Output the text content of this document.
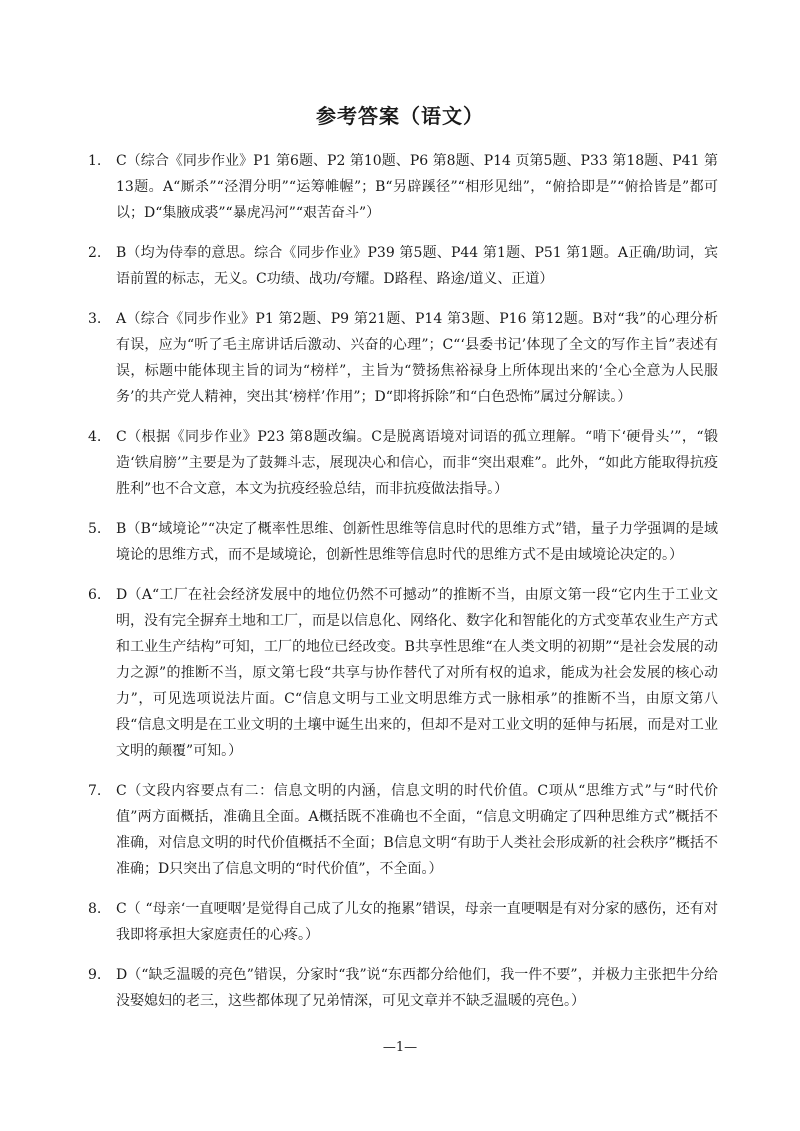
参考答案（语文）
1.	C（综合《同步作业》P1 第6题、P2 第10题、P6 第8题、P14 页第5题、P33 第18题、P41 第13题。A“厮杀”“泾渭分明”“运筹帷幄”；B“另辟蹊径”“相形见绌”，“俯拾即是”“俯拾皆是”都可以；D“集腋成裘”“暴虎冯河”“艰苦奋斗”）
2.	B（均为侍奉的意思。综合《同步作业》P39 第5题、P44 第1题、P51 第1题。A正确/助词，宾语前置的标志，无义。C功绩、战功/夸耀。D路程、路途/道义、正道）
3.	A（综合《同步作业》P1 第2题、P9 第21题、P14 第3题、P16 第12题。B对“我”的心理分析有误，应为“听了毛主席讲话后激动、兴奋的心理”；C“‘县委书记’体现了全文的写作主旨”表述有误，标题中能体现主旨的词为“榜样”，主旨为“赞扬焦裕禄身上所体现出来的‘全心全意为人民服务’的共产党人精神，突出其‘榜样’作用”；D“即将拆除”和“白色恐怖”属过分解读。）
4.	C（根据《同步作业》P23 第8题改编。C是脱离语境对词语的孤立理解。“啃下‘硬骨头’”，“锻造‘铁肩膀’”主要是为了鼓舞斗志，展现决心和信心，而非“突出艰难”。此外，“如此方能取得抗疫胜利”也不合文意，本文为抗疫经验总结，而非抗疫做法指导。）
5.	B（B“域境论”“决定了概率性思维、创新性思维等信息时代的思维方式”错，量子力学强调的是域境论的思维方式，而不是域境论，创新性思维等信息时代的思维方式不是由域境论决定的。）
6.	D（A“工厂在社会经济发展中的地位仍然不可撼动”的推断不当，由原文第一段“它内生于工业文明，没有完全摒弃土地和工厂，而是以信息化、网络化、数字化和智能化的方式变革农业生产方式和工业生产结构”可知，工厂的地位已经改变。B共享性思维“在人类文明的初期”“是社会发展的动力之源”的推断不当，原文第七段“共享与协作替代了对所有权的追求，能成为社会发展的核心动力”，可见选项说法片面。C“信息文明与工业文明思维方式一脉相承”的推断不当，由原文第八段“信息文明是在工业文明的土壤中诞生出来的，但却不是对工业文明的延伸与拓展，而是对工业文明的颠覆”可知。）
7.	C（文段内容要点有二：信息文明的内涵，信息文明的时代价值。C项从“思维方式”与“时代价值”两方面概括，准确且全面。A概括既不准确也不全面，“信息文明确定了四种思维方式”概括不准确，对信息文明的时代价值概括不全面；B信息文明“有助于人类社会形成新的社会秩序”概括不准确；D只突出了信息文明的“时代价值”，不全面。）
8.	C（ “母亲‘一直哽咽’是觉得自己成了儿女的拖累”错误，母亲一直哽咽是有对分家的感伤，还有对我即将承担大家庭责任的心疼。）
9.	D（“缺乏温暖的亮色”错误，分家时“我”说“东西都分给他们，我一件不要”，并极力主张把牛分给没娶媳妇的老三，这些都体现了兄弟情深，可见文章并不缺乏温暖的亮色。）
—1—
